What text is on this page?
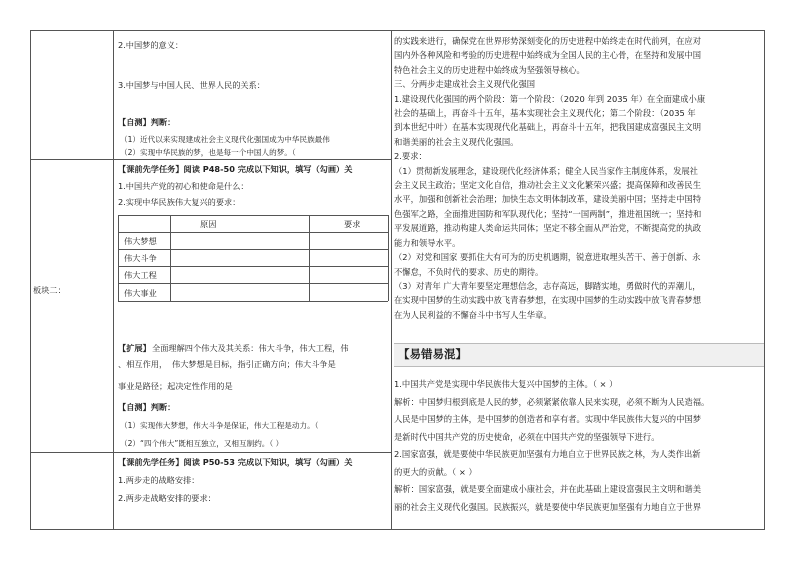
板块二：
2.中国梦的意义：
3.中国梦与中国人民、世界人民的关系：
【自测】判断：
（1）近代以来实现建成社会主义现代化强国成为中华民族最伟
（2）实现中华民族的梦，也是每一个中国人的梦。（
【课前先学任务】阅读 P48-50 完成以下知识，填写（勾画）关
1.中国共产党的初心和使命是什么：
2.实现中华民族伟大复兴的要求：
原因	要求
伟大梦想
伟大斗争
伟大工程
伟大事业
【扩展】 全面理解四个伟大及其关系：伟大斗争，伟大工程，伟
、相互作用， 伟大梦想是目标，指引正确方向；伟大斗争是
事业是路径；起决定性作用的是
【自测】判断：
（1）实现伟大梦想，伟大斗争是保证，伟大工程是动力。（
（2）“四个伟大”既相互独立，又相互制约。（ ）
【课前先学任务】阅读 P50-53 完成以下知识，填写（勾画）关
1.两步走的战略安排：
2.两步走战略安排的要求：

的实践来进行，确保党在世界形势深刻变化的历史进程中始终走在时代前列，在应对

国内外各种风险和考验的历史进程中始终成为全国人民的主心骨，在坚持和发展中国

特色社会主义的历史进程中始终成为坚强领导核心。

三、分两步走建成社会主义现代化强国

1.建设现代化强国的两个阶段：第一个阶段：（2020 年到 2035 年）在全面建成小康

社会的基础上，再奋斗十五年，基本实现社会主义现代化；第二个阶段：（2035 年

到本世纪中叶）在基本实现现代化基础上，再奋斗十五年，把我国建成富强民主文明

和谐美丽的社会主义现代化强国。

2.要求：

（1）贯彻新发展理念，建设现代化经济体系；健全人民当家作主制度体系，发展社

会主义民主政治；坚定文化自信，推动社会主义文化繁荣兴盛；提高保障和改善民生

水平，加强和创新社会治理；加快生态文明体制改革，建设美丽中国；坚持走中国特

色强军之路，全面推进国防和军队现代化；坚持“一国两制”，推进祖国统一；坚持和

平发展道路，推动构建人类命运共同体；坚定不移全面从严治党，不断提高党的执政

能力和领导水平。

（2）对党和国家 要抓住大有可为的历史机遇期，锐意进取埋头苦干、善于创新、永

不懈怠，不负时代的要求、历史的期待。

（3）对青年 广大青年要坚定理想信念，志存高远，脚踏实地，勇做时代的弄潮儿，

在实现中国梦的生动实践中放飞青春梦想，在实现中国梦的生动实践中放飞青春梦想

在为人民利益的不懈奋斗中书写人生华章。

【易错易混】

1.中国共产党是实现中华民族伟大复兴中国梦的主体。（ × ）

解析：中国梦归根到底是人民的梦，必须紧紧依靠人民来实现，必须不断为人民造福。

人民是中国梦的主体，是中国梦的创造者和享有者。实现中华民族伟大复兴的中国梦

是新时代中国共产党的历史使命，必须在中国共产党的坚强领导下进行。

2.国家富强，就是要使中华民族更加坚强有力地自立于世界民族之林，为人类作出新

的更大的贡献。（ × ）

解析：国家富强，就是要全面建成小康社会，并在此基础上建设富强民主文明和谐美

丽的社会主义现代化强国。民族振兴，就是要使中华民族更加坚强有力地自立于世界
